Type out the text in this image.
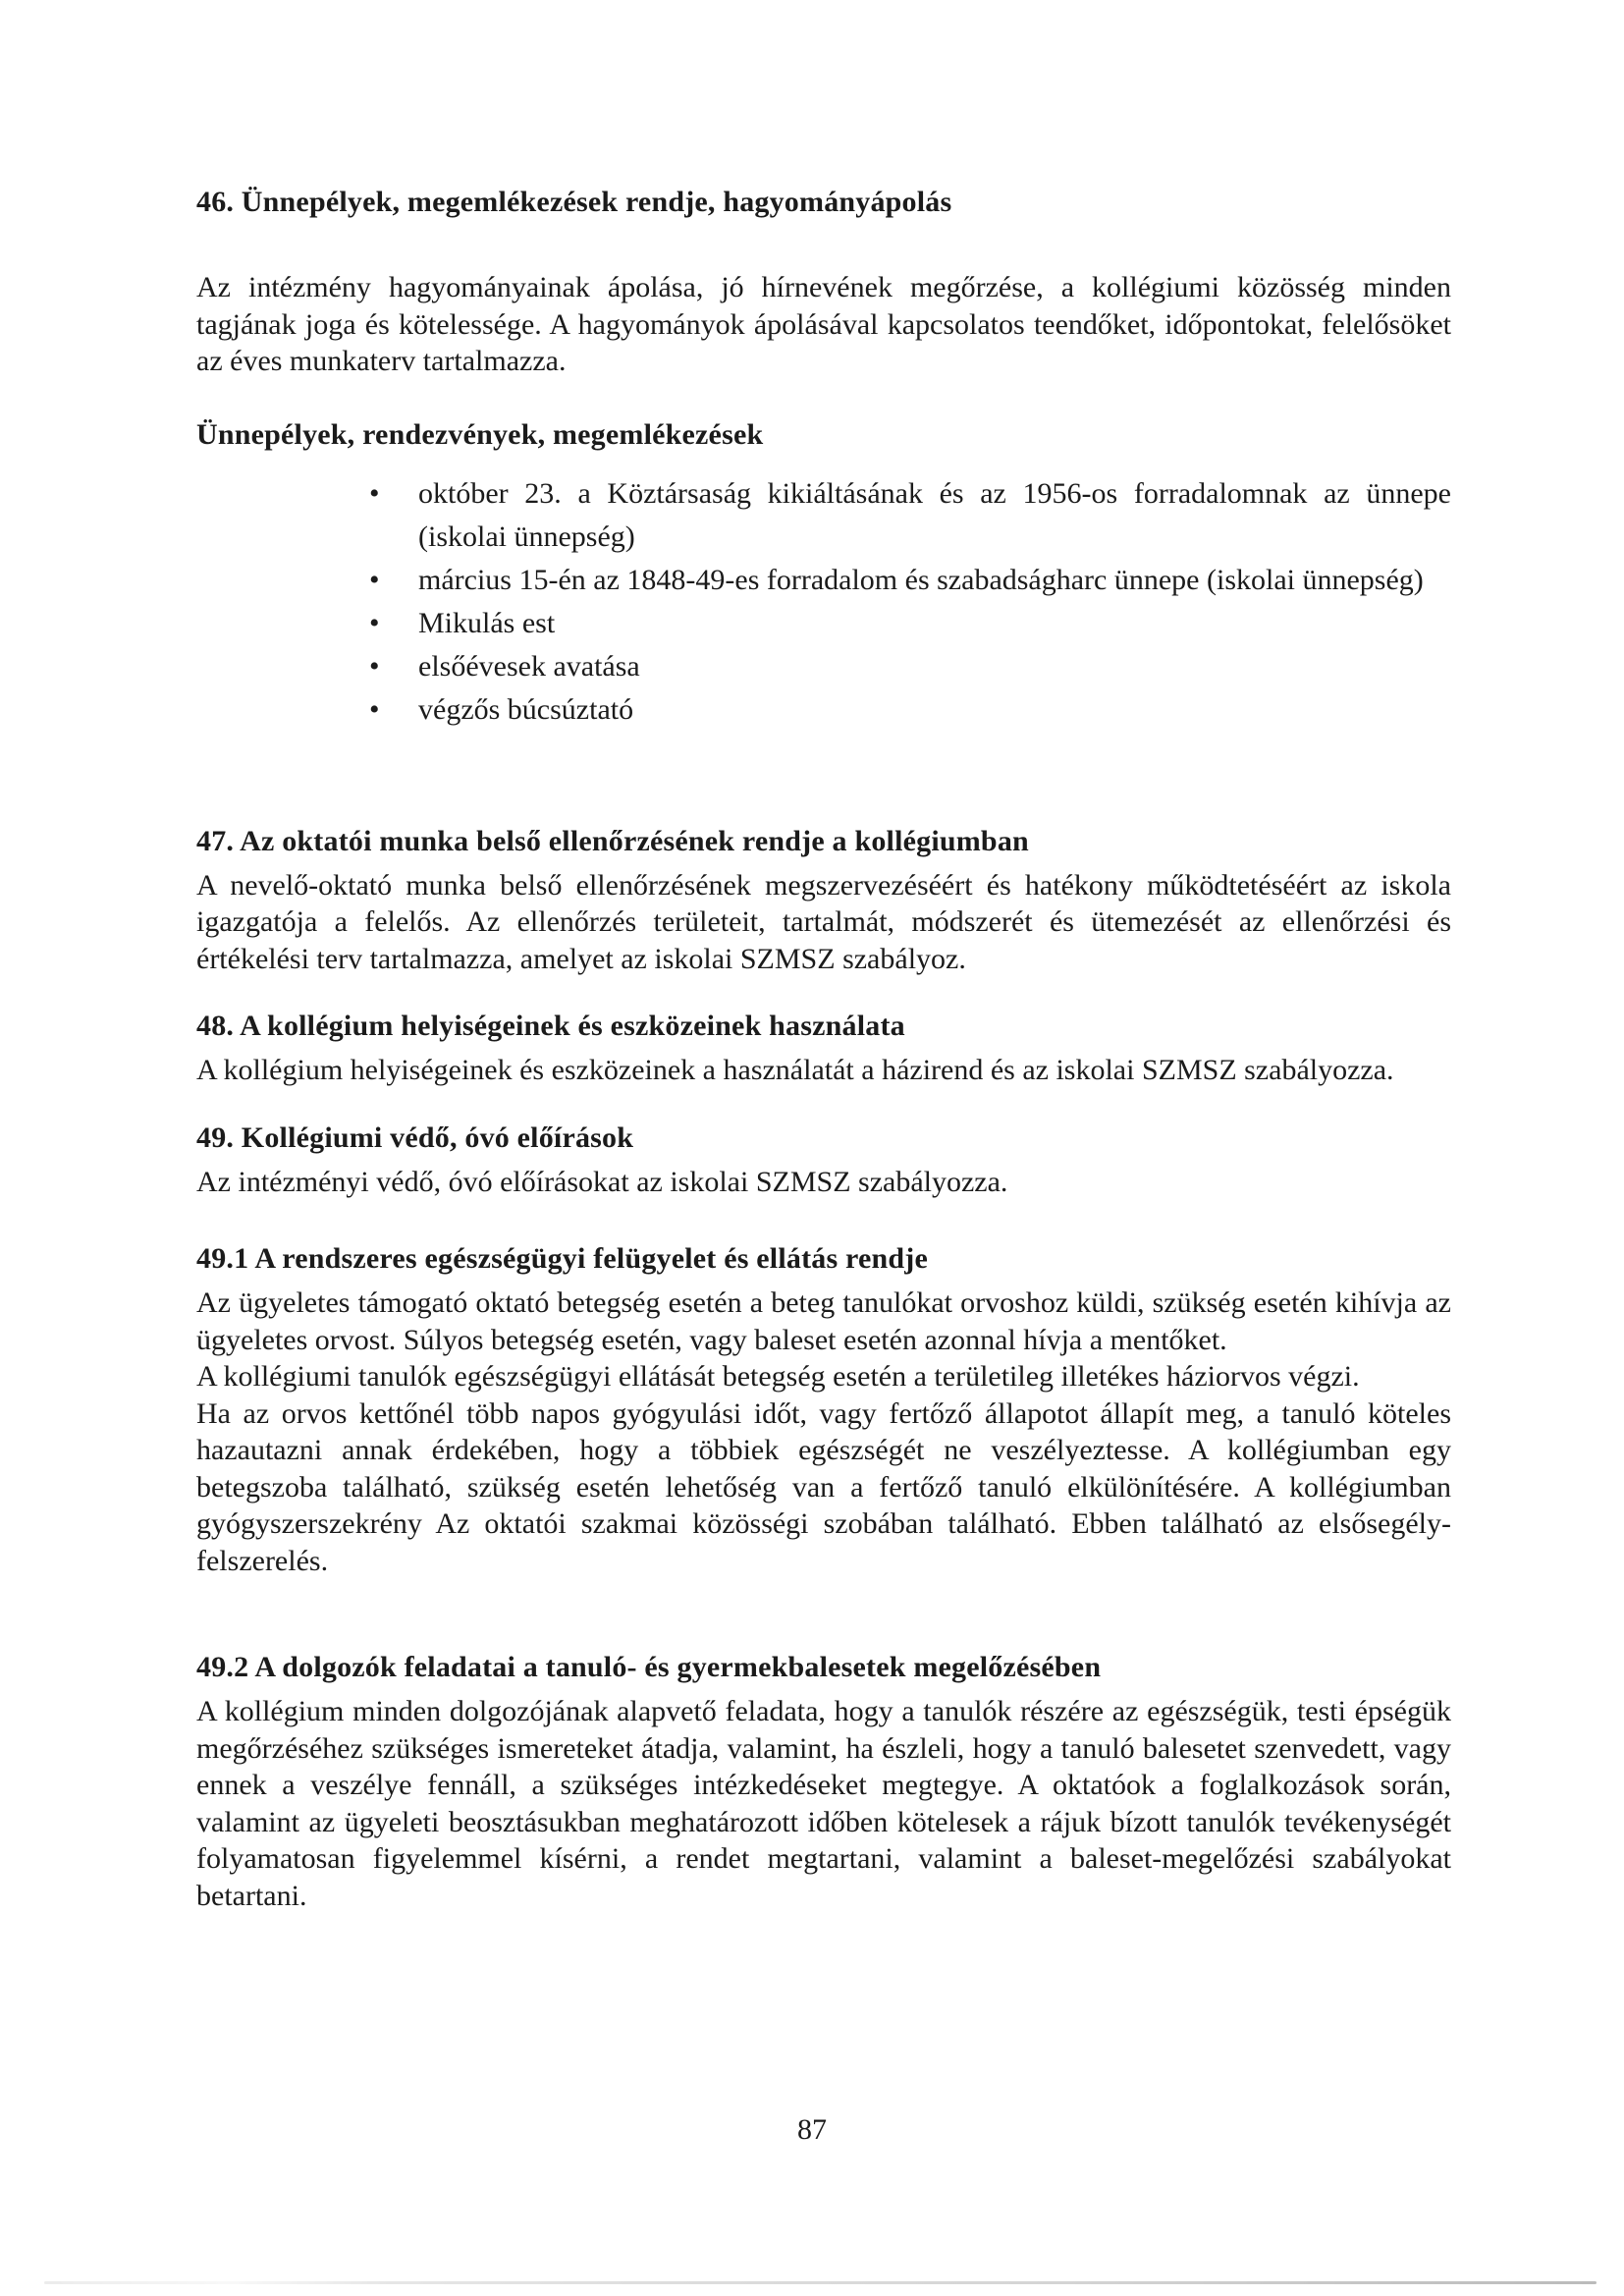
46. Ünnepélyek, megemlékezések rendje, hagyományápolás

Az intézmény hagyományainak ápolása, jó hírnevének megőrzése, a kollégiumi közösség minden tagjának joga és kötelessége. A hagyományok ápolásával kapcsolatos teendőket, időpontokat, felelősöket az éves munkaterv tartalmazza.

Ünnepélyek, rendezvények, megemlékezések
• október 23. a Köztársaság kikiáltásának és az 1956-os forradalomnak az ünnepe (iskolai ünnepség)
• március 15-én az 1848-49-es forradalom és szabadságharc ünnepe (iskolai ünnepség)
• Mikulás est
• elsőévesek avatása
• végzős búcsúztató
47. Az oktatói munka belső ellenőrzésének rendje a kollégiumban

A nevelő-oktató munka belső ellenőrzésének megszervezéséért és hatékony működtetéséért az iskola igazgatója a felelős. Az ellenőrzés területeit, tartalmát, módszerét és ütemezését az ellenőrzési és értékelési terv tartalmazza, amelyet az iskolai SZMSZ szabályoz.

48. A kollégium helyiségeinek és eszközeinek használata

A kollégium helyiségeinek és eszközeinek a használatát a házirend és az iskolai SZMSZ szabályozza.

49. Kollégiumi védő, óvó előírások

Az intézményi védő, óvó előírásokat az iskolai SZMSZ szabályozza.

49.1 A rendszeres egészségügyi felügyelet és ellátás rendje

Az ügyeletes támogató oktató betegség esetén a beteg tanulókat orvoshoz küldi, szükség esetén kihívja az ügyeletes orvost. Súlyos betegség esetén, vagy baleset esetén azonnal hívja a mentőket.

A kollégiumi tanulók egészségügyi ellátását betegség esetén a területileg illetékes háziorvos végzi.

Ha az orvos kettőnél több napos gyógyulási időt, vagy fertőző állapotot állapít meg, a tanuló köteles hazautazni annak érdekében, hogy a többiek egészségét ne veszélyeztesse. A kollégiumban egy betegszoba található, szükség esetén lehetőség van a fertőző tanuló elkülönítésére. A kollégiumban gyógyszerszekrény Az oktatói szakmai közösségi szobában található. Ebben található az elsősegély-felszerelés.

49.2 A dolgozók feladatai a tanuló- és gyermekbalesetek megelőzésében

A kollégium minden dolgozójának alapvető feladata, hogy a tanulók részére az egészségük, testi épségük megőrzéséhez szükséges ismereteket átadja, valamint, ha észleli, hogy a tanuló balesetet szenvedett, vagy ennek a veszélye fennáll, a szükséges intézkedéseket megtegye. A oktatóok a foglalkozások során, valamint az ügyeleti beosztásukban meghatározott időben kötelesek a rájuk bízott tanulók tevékenységét folyamatosan figyelemmel kísérni, a rendet megtartani, valamint a baleset-megelőzési szabályokat betartani.

87
